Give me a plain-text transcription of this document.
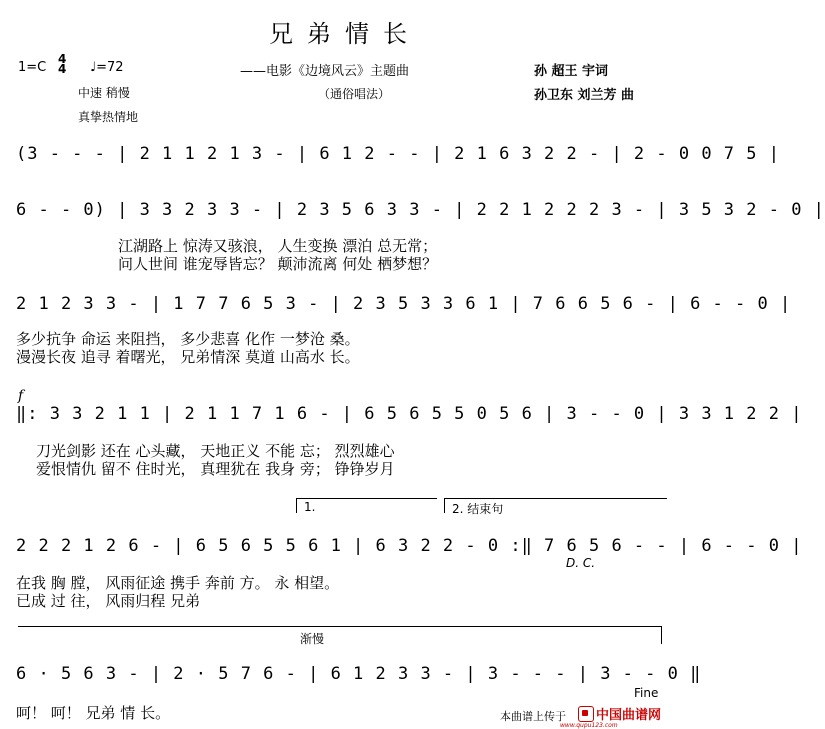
兄弟情长
1=C
4
4 ♩=72	——电影《边境风云》主题曲
（通俗唱法）
孙 超王 宇词
孙卫东 刘兰芳 曲
中速 稍慢
真挚热情地
(3 - - - | 2 1 1 2 1 3 - | 6 1 2 - - | 2 1 6 3 2 2 - | 2 - 0 0 7 5 |
6 - - 0) | 3 3 2 3 3 - | 2 3 5 6 3 3 - | 2 2 1 2 2 2 3 - | 3 5 3 2 - 0 |
江湖路上 惊涛又骇浪， 人生变换 漂泊 总无常；
问人世间 谁宠辱皆忘？ 颠沛流离 何处 栖梦想？
2 1 2 3 3 - | 1 7 7 6 5 3 - | 2 3 5 3 3 6 1 | 7 6 6 5 6 - | 6 - - 0 |
多少抗争 命运 来阻挡， 多少悲喜 化作 一梦沧 桑。
漫漫长夜 追寻 着曙光， 兄弟情深 莫道 山高水 长。
f
‖: 3 3 2 1 1 | 2 1 1 7 1 6 - | 6 5 6 5 5 0 5 6 | 3 - - 0 | 3 3 1 2 2 |
刀光剑影 还在 心头藏， 天地正义 不能 忘； 烈烈雄心
爱恨情仇 留不 住时光， 真理犹在 我身 旁； 铮铮岁月
1.	2. 结束句
2 2 2 1 2 6 - | 6 5 6 5 5 6 1 | 6 3 2 2 - 0 :‖ 7 6 5 6 - - | 6 - - 0 |
D. C.
在我 胸 膛， 风雨征途 携手 奔前 方。 永 相望。
已成 过 往， 风雨归程 兄弟
渐慢
6 · 5 6 3 - | 2 · 5 7 6 - | 6 1 2 3 3 - | 3 - - - | 3 - - 0 ‖
Fine
呵！ 呵！ 兄弟 情 长。	本曲谱上传于 中国曲谱网
www.qupu123.com
